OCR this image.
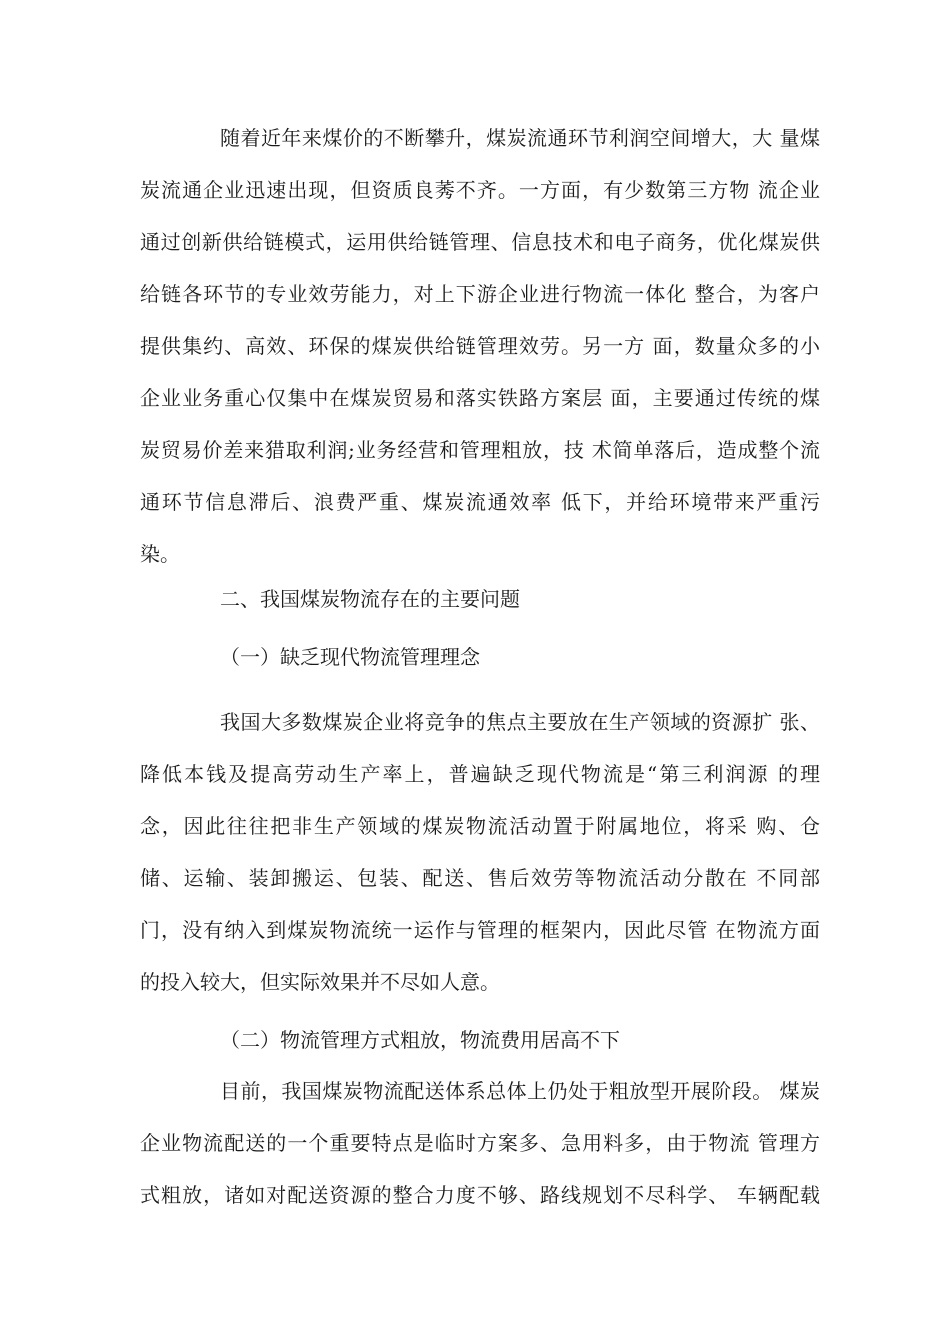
随着近年来煤价的不断攀升，煤炭流通环节利润空间增大，大 量煤
炭流通企业迅速出现，但资质良莠不齐。一方面，有少数第三方物 流企业
通过创新供给链模式，运用供给链管理、信息技术和电子商务，优化煤炭供
给链各环节的专业效劳能力，对上下游企业进行物流一体化 整合，为客户
提供集约、高效、环保的煤炭供给链管理效劳。另一方 面，数量众多的小
企业业务重心仅集中在煤炭贸易和落实铁路方案层 面，主要通过传统的煤
炭贸易价差来猎取利润;业务经营和管理粗放，技 术简单落后，造成整个流
通环节信息滞后、浪费严重、煤炭流通效率 低下，并给环境带来严重污
染。
二、我国煤炭物流存在的主要问题
（一）缺乏现代物流管理理念
我国大多数煤炭企业将竞争的焦点主要放在生产领域的资源扩 张、
降低本钱及提高劳动生产率上，普遍缺乏现代物流是“第三利润源 的理
念，因此往往把非生产领域的煤炭物流活动置于附属地位，将采 购、仓
储、运输、装卸搬运、包装、配送、售后效劳等物流活动分散在 不同部
门，没有纳入到煤炭物流统一运作与管理的框架内，因此尽管 在物流方面
的投入较大，但实际效果并不尽如人意。
（二）物流管理方式粗放，物流费用居高不下
目前，我国煤炭物流配送体系总体上仍处于粗放型开展阶段。 煤炭
企业物流配送的一个重要特点是临时方案多、急用料多，由于物流 管理方
式粗放，诸如对配送资源的整合力度不够、路线规划不尽科学、 车辆配载
